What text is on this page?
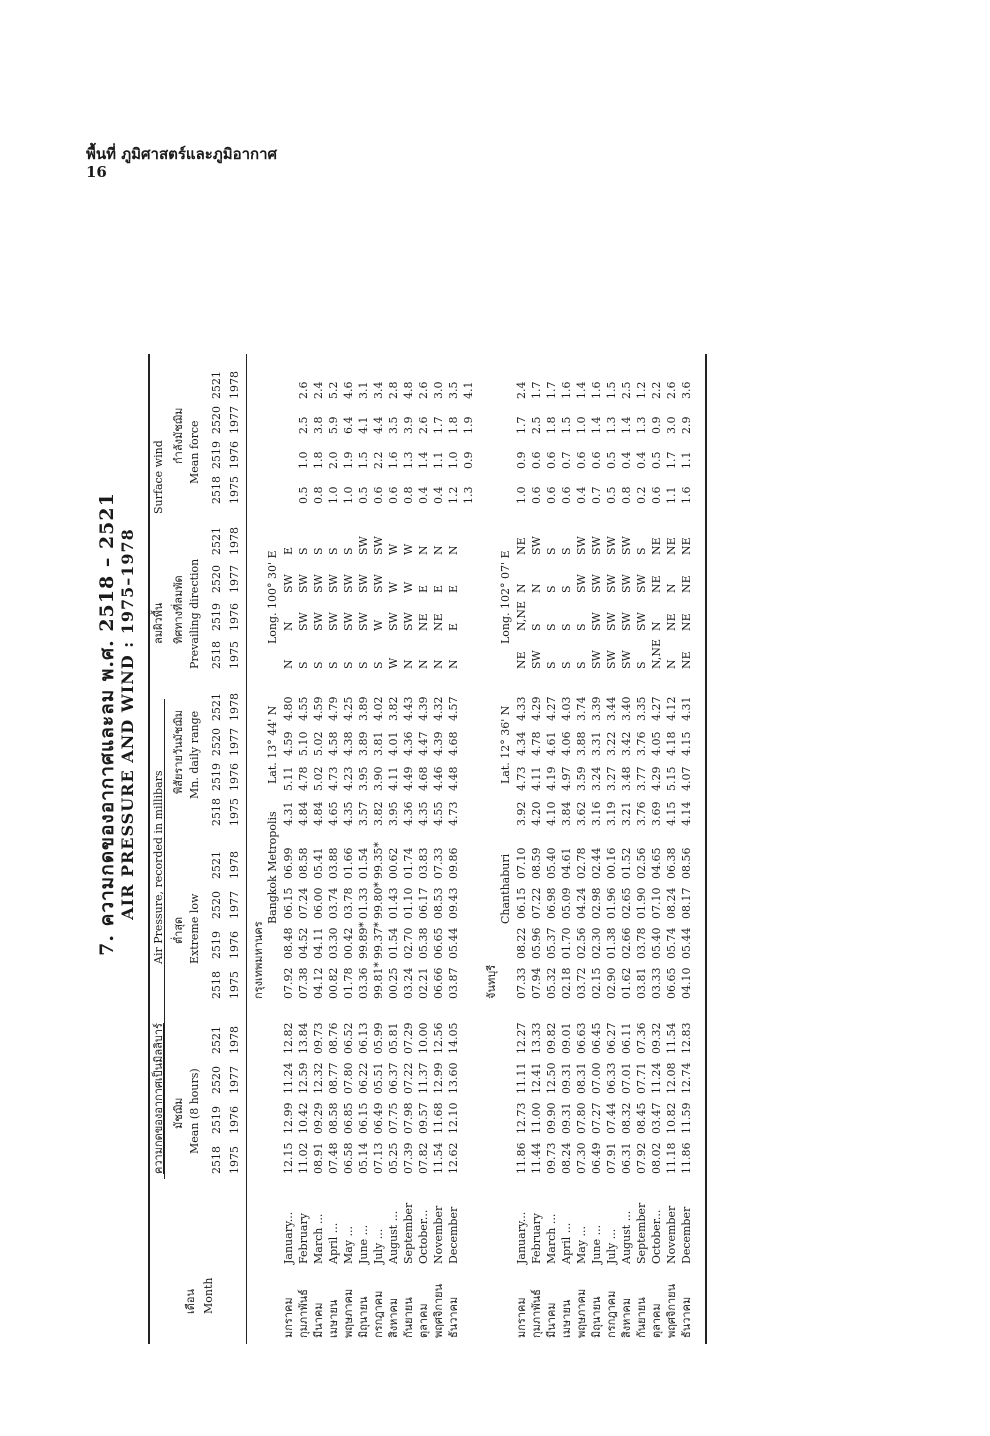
พื้นที่ ภูมิศาสตร์และภูมิอากาศ
16
7. ความกดของอากาศและลม พ.ศ. 2518 – 2521 AIR PRESSURE AND WIND : 1975–1978
เดือน Month
ความกดของอากาศเป็นมิลลิบาร์
Air Pressure, recorded in millibars
มัชฌิม Mean (8 hours)
ต่ำสุด Extreme low
พิสัยรายวันมัชฌิม Mn. daily range
ลมผิวพื้น
Surface wind
ทิศทางที่ลมพัด Prevailing direction
กำลังมัชฌิม Mean force
2518 1975
2519 1976
2520 1977
2521 1978
2518 1975
2519 1976
2520 1977
2521 1978
2518 1975
2519 1976
2520 1977
2521 1978
2518 1975
2519 1976
2520 1977
2521 1978
2518 1975
2519 1976
2520 1977
2521 1978
กรุงเทพมหานคร
Bangkok Metropolis
Lat. 13° 44' N
Long. 100° 30' E
มกราคม
January...
12.15
12.99
11.24
12.82
07.92
08.48
06.15
06.99
4.31
5.11
4.59
4.80
N
N
SW
E
กุมภาพันธ์
February
11.02
10.42
12.59
13.84
07.38
04.52
07.24
08.58
4.84
4.78
5.10
4.55
S
SW
SW
S
0.5
1.0
2.5
2.6
มีนาคม
March ...
08.91
09.29
12.32
09.73
04.12
04.11
06.00
05.41
4.84
5.02
5.02
4.59
S
SW
SW
S
0.8
1.8
3.8
2.4
เมษายน
April ...
07.48
08.58
08.77
08.76
00.82
03.30
03.74
03.88
4.65
4.73
4.58
4.79
S
SW
SW
S
1.0
2.0
5.9
5.2
พฤษภาคม
May ...
06.58
06.85
07.80
06.52
01.78
00.42
03.78
01.66
4.35
4.23
4.38
4.25
S
SW
SW
S
1.0
1.9
6.4
4.6
มิถุนายน
June ...
05.14
06.15
06.22
06.13
03.36
99.89*
01.33
01.54
3.57
3.95
3.89
3.89
S
SW
SW
SW
0.5
1.5
4.1
3.1
กรกฎาคม
July ...
07.13
06.49
05.51
05.99
99.81*
99.37*
99.80*
99.35*
3.82
3.90
3.81
4.02
S
W
SW
SW
0.6
2.2
4.4
3.4
สิงหาคม
August ...
05.25
07.75
06.37
05.81
00.25
01.54
01.43
00.62
3.95
4.11
4.01
3.82
W
SW
W
W
0.6
1.6
3.5
2.8
กันยายน
September
07.39
07.98
07.22
07.29
03.24
02.70
01.10
01.74
4.36
4.49
4.36
4.43
N
SW
W
W
0.8
1.3
3.9
4.8
ตุลาคม
October...
07.82
09.57
11.37
10.00
02.21
05.38
06.17
03.83
4.35
4.68
4.47
4.39
N
NE
E
N
0.4
1.4
2.6
2.6
พฤศจิกายน
November
11.54
11.68
12.99
12.56
06.66
06.65
08.53
07.33
4.55
4.46
4.39
4.32
N
NE
E
N
0.4
1.1
1.7
3.0
ธันวาคม
December
12.62
12.10
13.60
14.05
03.87
05.44
09.43
09.86
4.73
4.48
4.68
4.57
N
E
E
N
1.2
1.0
1.8
3.5
1.3
0.9
1.9
4.1
จันทบุรี
Chanthaburi
Lat. 12° 36' N
Long. 102° 07' E
มกราคม
January...
11.86
12.73
11.11
12.27
07.33
08.22
06.15
07.10
3.92
4.73
4.34
4.33
NE
N,NE
N
NE
1.0
0.9
1.7
2.4
กุมภาพันธ์
February
11.44
11.00
12.41
13.33
07.94
05.96
07.22
08.59
4.20
4.11
4.78
4.29
SW
S
N
SW
0.6
0.6
2.5
1.7
มีนาคม
March ...
09.73
09.90
12.50
09.82
05.32
05.37
06.98
05.40
4.10
4.19
4.61
4.27
S
S
S
S
0.6
0.6
1.8
1.7
เมษายน
April ...
08.24
09.31
09.31
09.01
02.18
01.70
05.09
04.61
3.84
4.97
4.06
4.03
S
S
S
S
0.6
0.7
1.5
1.6
พฤษภาคม
May ...
07.30
07.80
08.31
06.63
03.72
02.56
04.24
02.78
3.62
3.59
3.88
3.74
S
S
SW
SW
0.4
0.6
1.0
1.4
มิถุนายน
June ...
06.49
07.27
07.00
06.45
02.15
02.30
02.98
02.44
3.16
3.24
3.31
3.39
SW
SW
SW
SW
0.7
0.6
1.4
1.6
กรกฎาคม
July ...
07.91
07.44
06.33
06.27
02.90
01.38
01.96
00.16
3.19
3.27
3.22
3.44
SW
SW
SW
SW
0.5
0.5
1.3
1.5
สิงหาคม
August ...
06.31
08.32
07.01
06.11
01.62
02.66
02.65
01.52
3.21
3.48
3.42
3.40
SW
SW
SW
SW
0.8
0.4
1.4
2.5
กันยายน
September
07.92
08.45
07.71
07.36
03.81
03.78
01.90
02.56
3.76
3.77
3.76
3.35
S
SW
SW
S
0.2
0.4
1.3
1.2
ตุลาคม
October...
08.02
03.47
11.24
09.32
03.33
05.40
07.10
04.65
3.69
4.29
4.05
4.27
N,NE
N
NE
NE
0.6
0.5
0.9
2.2
พฤศจิกายน
November
11.18
10.82
12.08
11.54
06.65
05.74
08.24
06.38
4.15
5.15
4.18
4.12
N
NE
N
NE
1.1
1.7
3.0
2.6
ธันวาคม
December
11.86
11.59
12.74
12.83
04.10
05.44
08.17
08.56
4.14
4.07
4.15
4.31
NE
NE
NE
NE
1.6
1.1
2.9
3.6
